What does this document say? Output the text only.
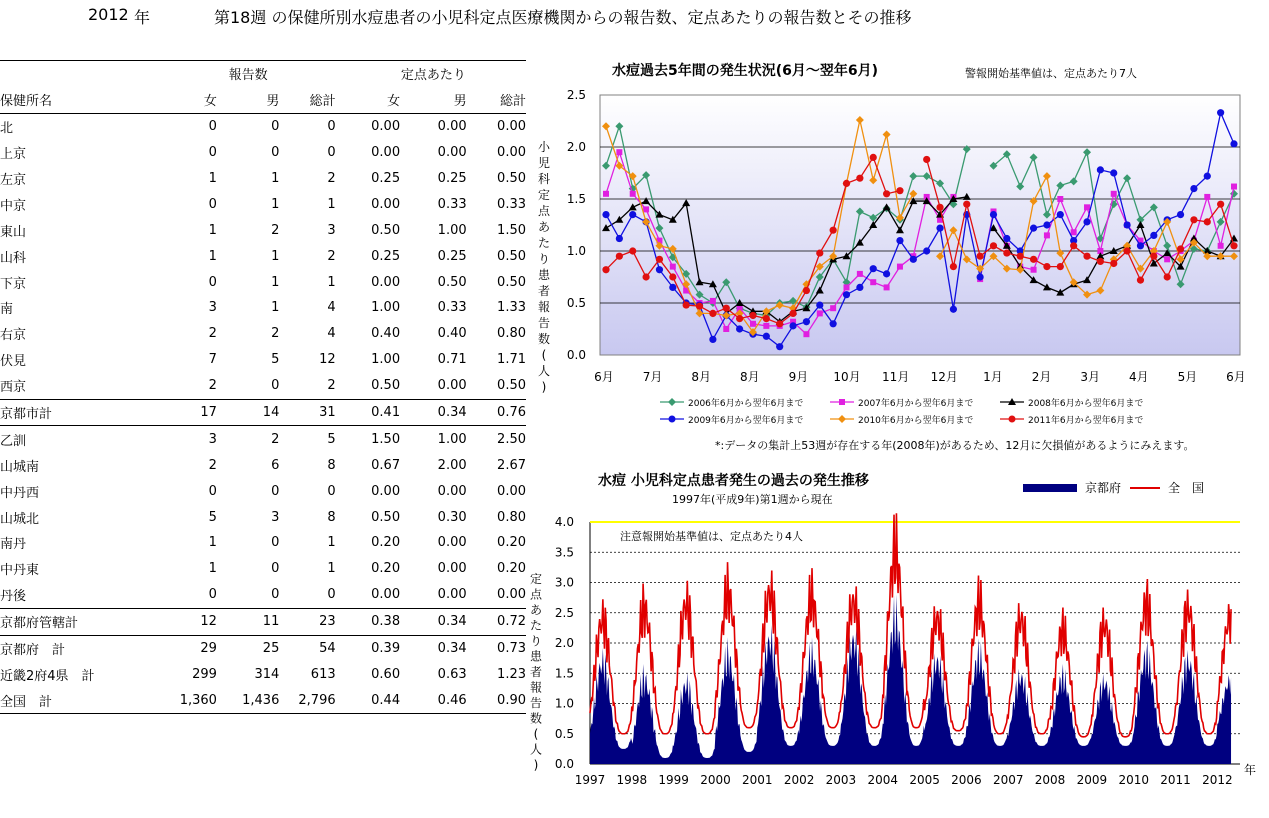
2012 年	第18週 の保健所別水痘患者の小児科定点医療機関からの報告数、定点あたりの報告数とその推移
		報告数			定点あたり	
保健所名	女	男	総計	女	男	総計
北	0	0	0	0.00	0.00	0.00
上京	0	0	0	0.00	0.00	0.00
左京	1	1	2	0.25	0.25	0.50
中京	0	1	1	0.00	0.33	0.33
東山	1	2	3	0.50	1.00	1.50
山科	1	1	2	0.25	0.25	0.50
下京	0	1	1	0.00	0.50	0.50
南	3	1	4	1.00	0.33	1.33
右京	2	2	4	0.40	0.40	0.80
伏見	7	5	12	1.00	0.71	1.71
西京	2	0	2	0.50	0.00	0.50
京都市計	17	14	31	0.41	0.34	0.76
乙訓	3	2	5	1.50	1.00	2.50
山城南	2	6	8	0.67	2.00	2.67
中丹西	0	0	0	0.00	0.00	0.00
山城北	5	3	8	0.50	0.30	0.80
南丹	1	0	1	0.20	0.00	0.20
中丹東	1	0	1	0.20	0.00	0.20
丹後	0	0	0	0.00	0.00	0.00
京都府管轄計	12	11	23	0.38	0.34	0.72
京都府　計	29	25	54	0.39	0.34	0.73
近畿2府4県　計	299	314	613	0.60	0.63	1.23
全国　計	1,360	1,436	2,796	0.44	0.46	0.90
水痘過去5年間の発生状況(6月～翌年6月)	警報開始基準値は、定点あたり7人
0.0
0.5
1.0
1.5
2.0
2.5
小
児
科
定
点
あ
た
り
患
者
報
告
数
(
人
)
6月 7月 8月 8月 9月 10月 11月 12月 1月 2月 3月 4月 5月 6月
2006年6月から翌年6月まで	2007年6月から翌年6月まで	2008年6月から翌年6月まで
2009年6月から翌年6月まで	2010年6月から翌年6月まで	2011年6月から翌年6月まで
*:データの集計上53週が存在する年(2008年)があるため、12月に欠損値があるようにみえます。
水痘 小児科定点患者発生の過去の発生推移
1997年(平成9年)第1週から現在
京都府	全　国
0.0
0.5
1.0
1.5
2.0
2.5
3.0
3.5
4.0
注意報開始基準値は、定点あたり4人
定
点
あ
た
り
患
者
報
告
数
(
人
)
1997 1998 1999 2000 2001 2002 2003 2004 2005 2006 2007 2008 2009 2010 2011 2012
年
